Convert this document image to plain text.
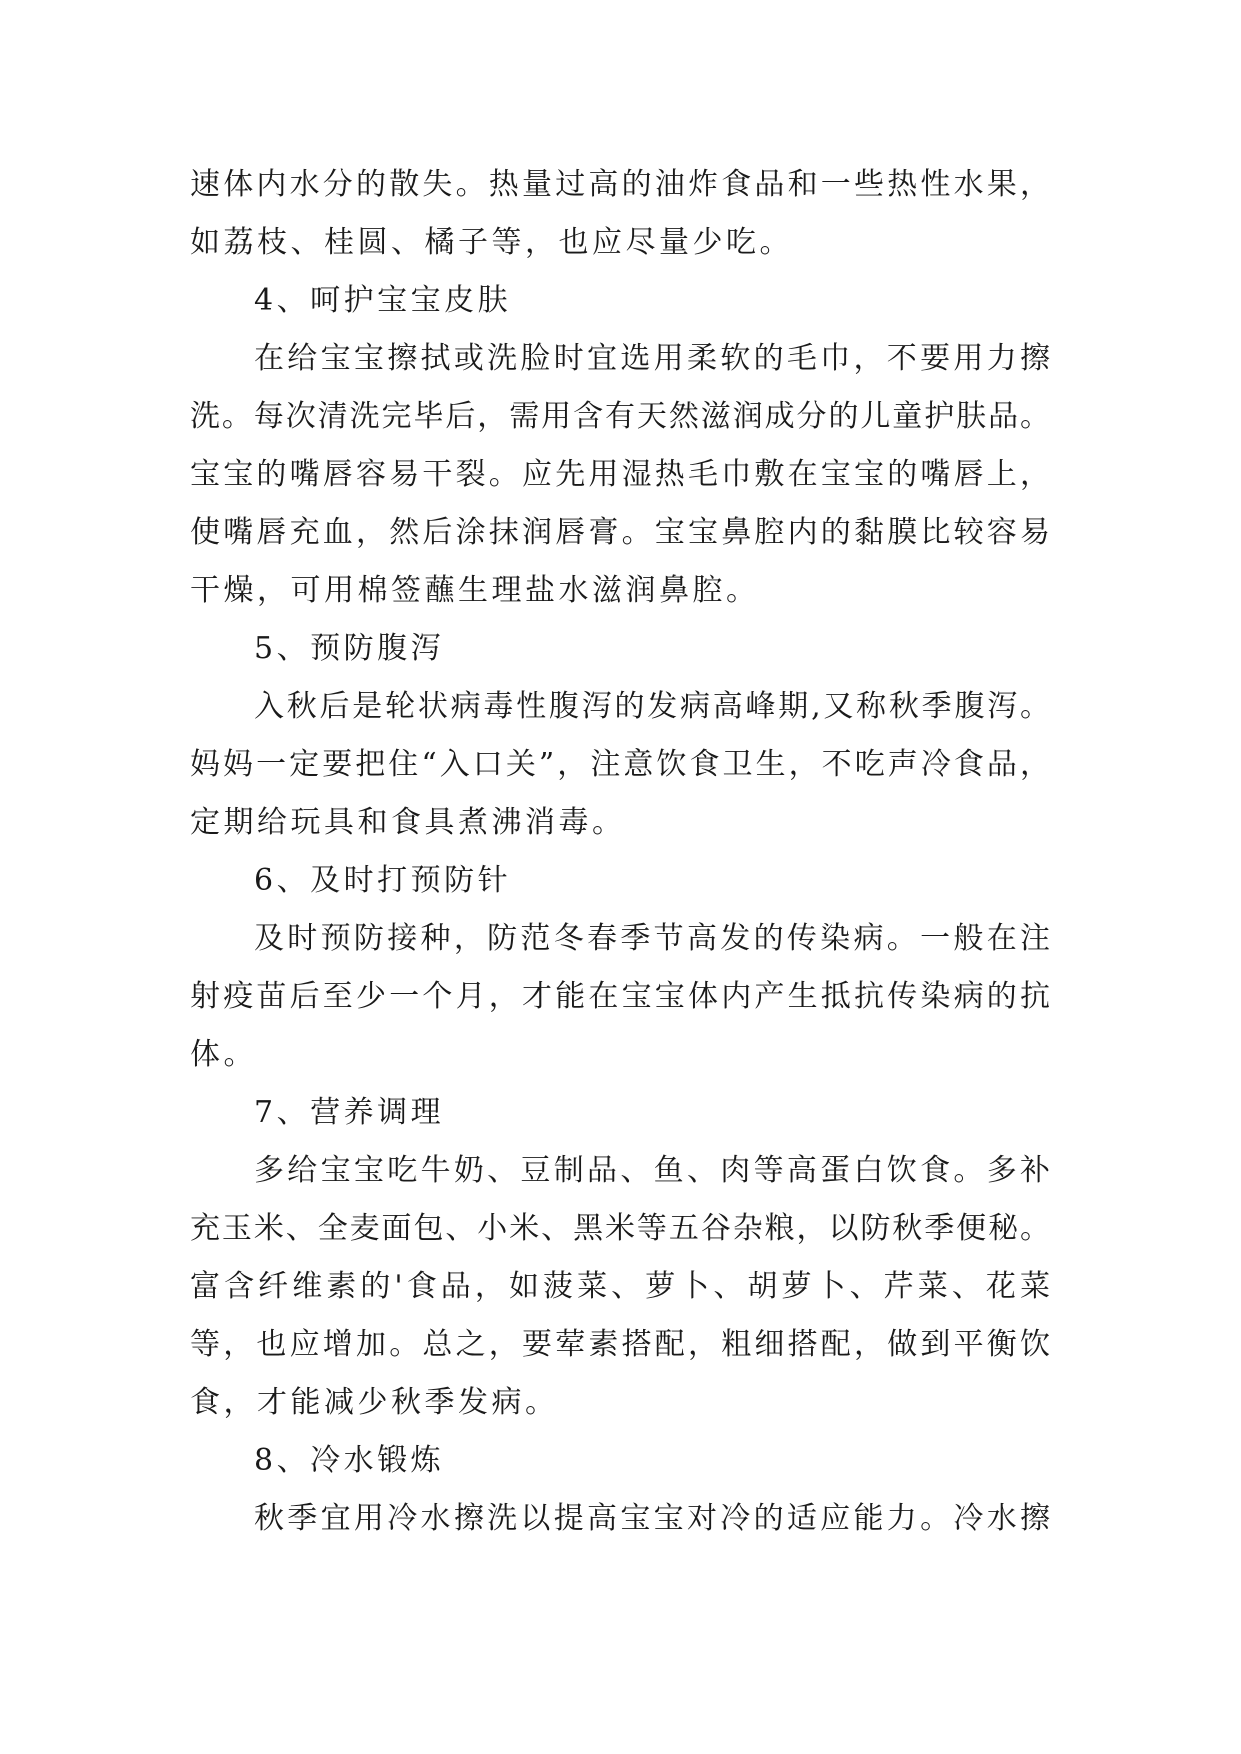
速体内水分的散失。热量过高的油炸食品和一些热性水果，
如荔枝、桂圆、橘子等，也应尽量少吃。
4、呵护宝宝皮肤
在给宝宝擦拭或洗脸时宜选用柔软的毛巾，不要用力擦
洗。每次清洗完毕后，需用含有天然滋润成分的儿童护肤品。
宝宝的嘴唇容易干裂。应先用湿热毛巾敷在宝宝的嘴唇上，
使嘴唇充血，然后涂抹润唇膏。宝宝鼻腔内的黏膜比较容易
干燥，可用棉签蘸生理盐水滋润鼻腔。
5、预防腹泻
入秋后是轮状病毒性腹泻的发病高峰期,又称秋季腹泻。
妈妈一定要把住“入口关”，注意饮食卫生，不吃声冷食品，
定期给玩具和食具煮沸消毒。
6、及时打预防针
及时预防接种，防范冬春季节高发的传染病。一般在注
射疫苗后至少一个月，才能在宝宝体内产生抵抗传染病的抗
体。
7、营养调理
多给宝宝吃牛奶、豆制品、鱼、肉等高蛋白饮食。多补
充玉米、全麦面包、小米、黑米等五谷杂粮，以防秋季便秘。
富含纤维素的'食品，如菠菜、萝卜、胡萝卜、芹菜、花菜
等，也应增加。总之，要荤素搭配，粗细搭配，做到平衡饮
食，才能减少秋季发病。
8、冷水锻炼
秋季宜用冷水擦洗以提高宝宝对冷的适应能力。冷水擦
